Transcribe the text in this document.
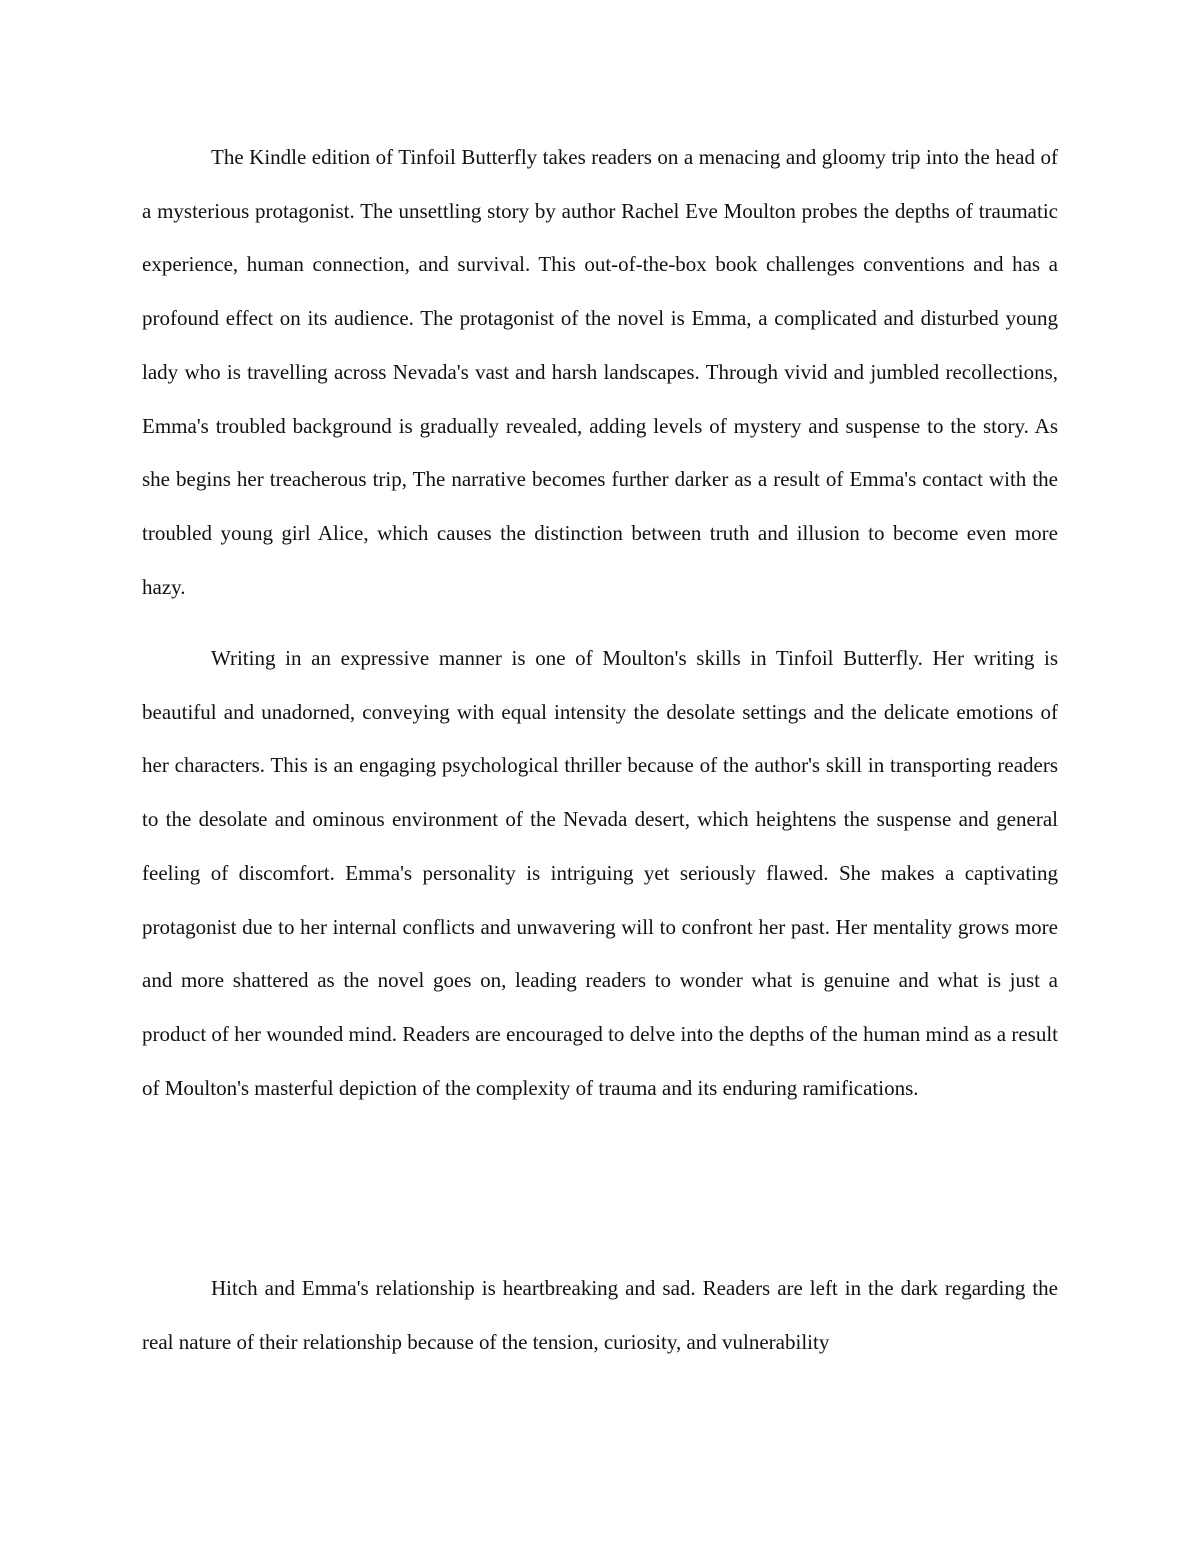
The Kindle edition of Tinfoil Butterfly takes readers on a menacing and gloomy trip into the head of a mysterious protagonist. The unsettling story by author Rachel Eve Moulton probes the depths of traumatic experience, human connection, and survival. This out-of-the-box book challenges conventions and has a profound effect on its audience. The protagonist of the novel is Emma, a complicated and disturbed young lady who is travelling across Nevada's vast and harsh landscapes. Through vivid and jumbled recollections, Emma's troubled background is gradually revealed, adding levels of mystery and suspense to the story. As she begins her treacherous trip, The narrative becomes further darker as a result of Emma's contact with the troubled young girl Alice, which causes the distinction between truth and illusion to become even more hazy.

Writing in an expressive manner is one of Moulton's skills in Tinfoil Butterfly. Her writing is beautiful and unadorned, conveying with equal intensity the desolate settings and the delicate emotions of her characters. This is an engaging psychological thriller because of the author's skill in transporting readers to the desolate and ominous environment of the Nevada desert, which heightens the suspense and general feeling of discomfort. Emma's personality is intriguing yet seriously flawed. She makes a captivating protagonist due to her internal conflicts and unwavering will to confront her past. Her mentality grows more and more shattered as the novel goes on, leading readers to wonder what is genuine and what is just a product of her wounded mind. Readers are encouraged to delve into the depths of the human mind as a result of Moulton's masterful depiction of the complexity of trauma and its enduring ramifications.

Hitch and Emma's relationship is heartbreaking and sad. Readers are left in the dark regarding the real nature of their relationship because of the tension, curiosity, and vulnerability
